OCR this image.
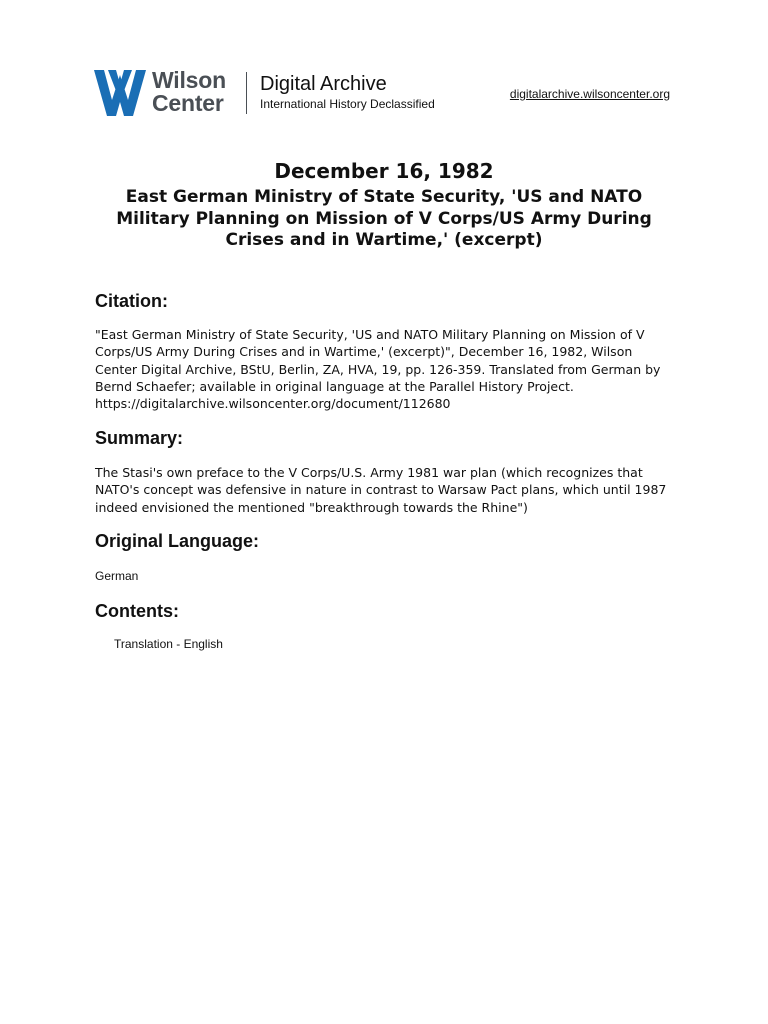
Wilson
Center
Digital Archive
International History Declassified
digitalarchive.wilsoncenter.org
December 16, 1982
East German Ministry of State Security, 'US and NATO Military Planning on Mission of V Corps/US Army During Crises and in Wartime,' (excerpt)
Citation:
"East German Ministry of State Security, 'US and NATO Military Planning on Mission of V Corps/US Army During Crises and in Wartime,' (excerpt)", December 16, 1982, Wilson Center Digital Archive, BStU, Berlin, ZA, HVA, 19, pp. 126-359. Translated from German by Bernd Schaefer; available in original language at the Parallel History Project. https://digitalarchive.wilsoncenter.org/document/112680
Summary:
The Stasi's own preface to the V Corps/U.S. Army 1981 war plan (which recognizes that NATO's concept was defensive in nature in contrast to Warsaw Pact plans, which until 1987 indeed envisioned the mentioned "breakthrough towards the Rhine")
Original Language:
German
Contents:
Translation - English
